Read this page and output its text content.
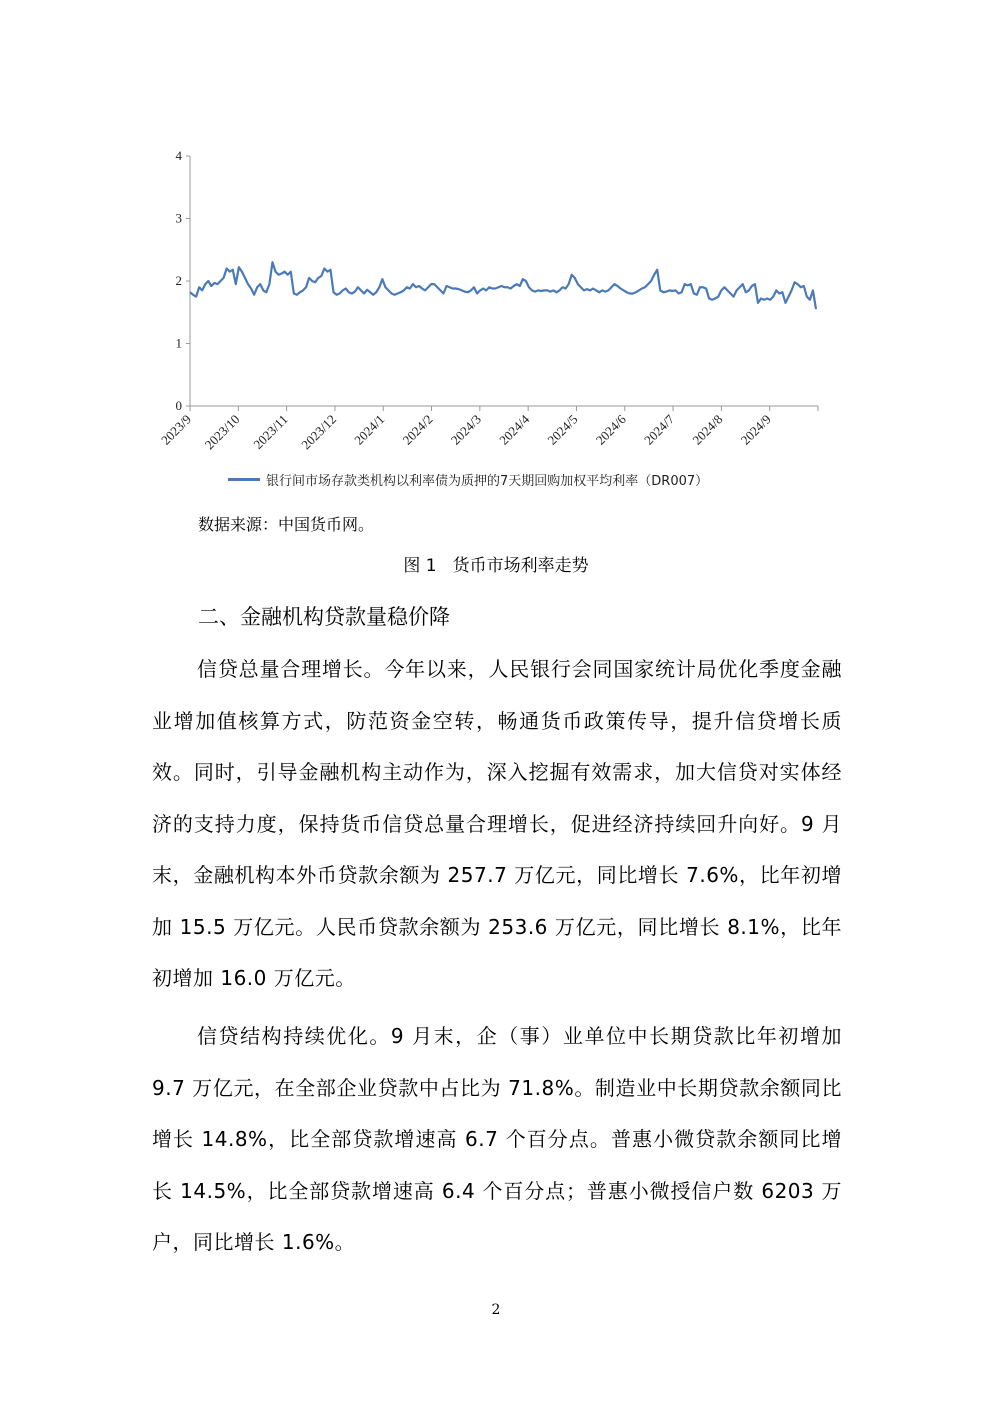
0
1
2
3
4
2023/9 2023/10 2023/11 2023/12 2024/1 2024/2 2024/3 2024/4 2024/5 2024/6 2024/7 2024/8 2024/9
银行间市场存款类机构以利率债为质押的7天期回购加权平均利率（DR007）
数据来源：中国货币网。
图 1 货币市场利率走势
二、金融机构贷款量稳价降
信贷总量合理增长。今年以来，人民银行会同国家统计局优化季度金融业增加值核算方式，防范资金空转，畅通货币政策传导，提升信贷增长质效。同时，引导金融机构主动作为，深入挖掘有效需求，加大信贷对实体经济的支持力度，保持货币信贷总量合理增长，促进经济持续回升向好。9 月末，金融机构本外币贷款余额为 257.7 万亿元，同比增长 7.6%，比年初增加 15.5 万亿元。人民币贷款余额为 253.6 万亿元，同比增长 8.1%，比年初增加 16.0 万亿元。
信贷结构持续优化。9 月末，企（事）业单位中长期贷款比年初增加 9.7 万亿元，在全部企业贷款中占比为 71.8%。制造业中长期贷款余额同比增长 14.8%，比全部贷款增速高 6.7 个百分点。普惠小微贷款余额同比增长 14.5%，比全部贷款增速高 6.4 个百分点；普惠小微授信户数 6203 万户，同比增长 1.6%。
2
